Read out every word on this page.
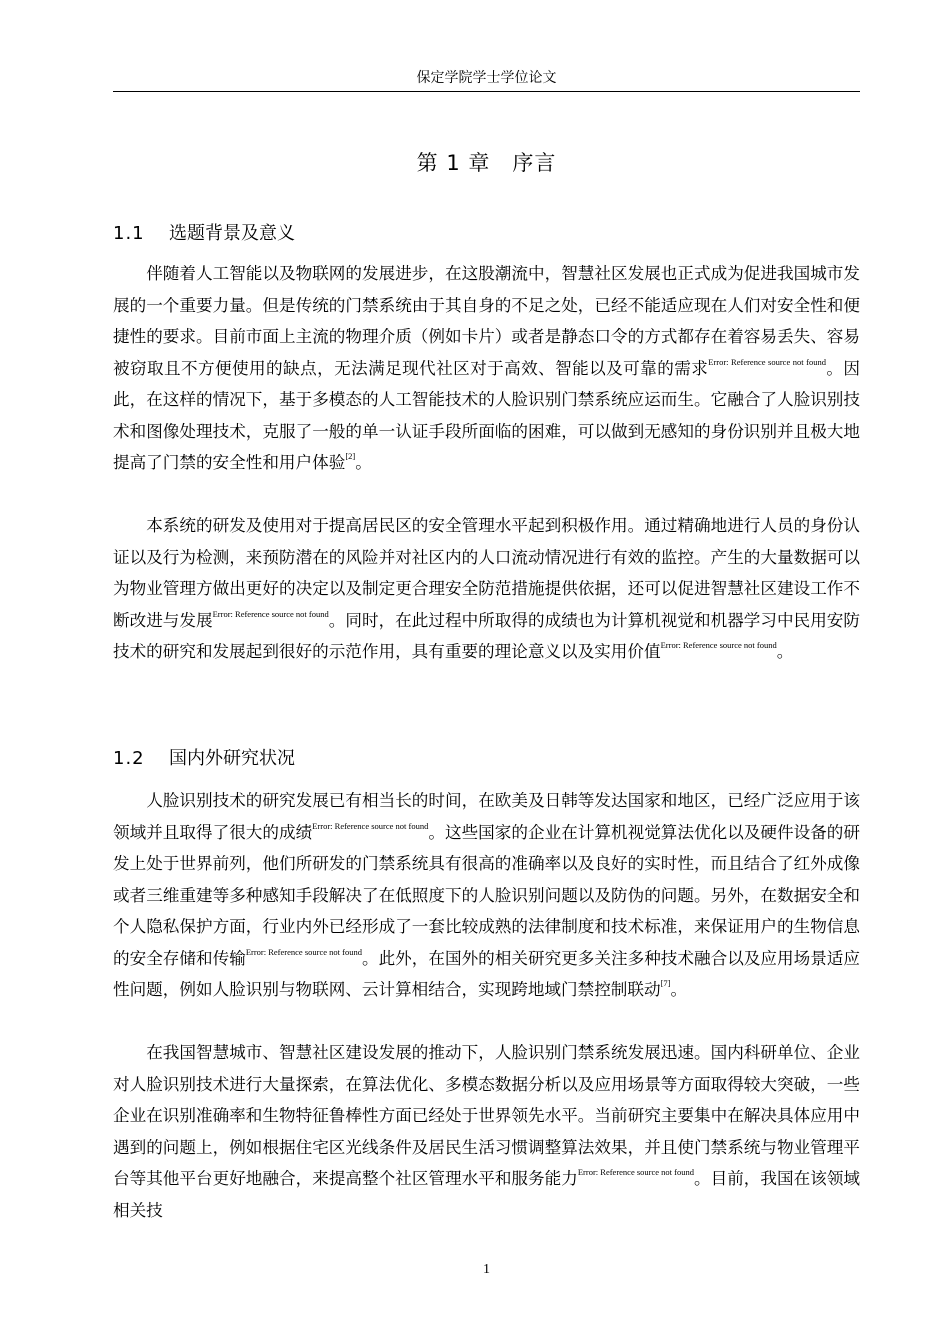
保定学院学士学位论文
第 1 章　序言
1.1 选题背景及意义

伴随着人工智能以及物联网的发展进步，在这股潮流中，智慧社区发展也正式成为促进我国城市发展的一个重要力量。但是传统的门禁系统由于其自身的不足之处，已经不能适应现在人们对安全性和便捷性的要求。目前市面上主流的物理介质（例如卡片）或者是静态口令的方式都存在着容易丢失、容易被窃取且不方便使用的缺点，无法满足现代社区对于高效、智能以及可靠的需求$^{Error: Reference source not found}$。因此，在这样的情况下，基于多模态的人工智能技术的人脸识别门禁系统应运而生。它融合了人脸识别技术和图像处理技术，克服了一般的单一认证手段所面临的困难，可以做到无感知的身份识别并且极大地提高了门禁的安全性和用户体验[2]。

本系统的研发及使用对于提高居民区的安全管理水平起到积极作用。通过精确地进行人员的身份认证以及行为检测，来预防潜在的风险并对社区内的人口流动情况进行有效的监控。产生的大量数据可以为物业管理方做出更好的决定以及制定更合理安全防范措施提供依据，还可以促进智慧社区建设工作不断改进与发展$^{Error: Reference source not found}$。同时，在此过程中所取得的成绩也为计算机视觉和机器学习中民用安防技术的研究和发展起到很好的示范作用，具有重要的理论意义以及实用价值$^{Error: Reference source not found}$。

1.2 国内外研究状况

人脸识别技术的研究发展已有相当长的时间，在欧美及日韩等发达国家和地区，已经广泛应用于该领域并且取得了很大的成绩$^{Error: Reference source not found}$。这些国家的企业在计算机视觉算法优化以及硬件设备的研发上处于世界前列，他们所研发的门禁系统具有很高的准确率以及良好的实时性，而且结合了红外成像或者三维重建等多种感知手段解决了在低照度下的人脸识别问题以及防伪的问题。另外，在数据安全和个人隐私保护方面，行业内外已经形成了一套比较成熟的法律制度和技术标准，来保证用户的生物信息的安全存储和传输$^{Error: Reference source not found}$。此外，在国外的相关研究更多关注多种技术融合以及应用场景适应性问题，例如人脸识别与物联网、云计算相结合，实现跨地域门禁控制联动[7]。

在我国智慧城市、智慧社区建设发展的推动下，人脸识别门禁系统发展迅速。国内科研单位、企业对人脸识别技术进行大量探索，在算法优化、多模态数据分析以及应用场景等方面取得较大突破，一些企业在识别准确率和生物特征鲁棒性方面已经处于世界领先水平。当前研究主要集中在解决具体应用中遇到的问题上，例如根据住宅区光线条件及居民生活习惯调整算法效果，并且使门禁系统与物业管理平台等其他平台更好地融合，来提高整个社区管理水平和服务能力$^{Error: Reference source not found}$。目前，我国在该领域相关技

1
